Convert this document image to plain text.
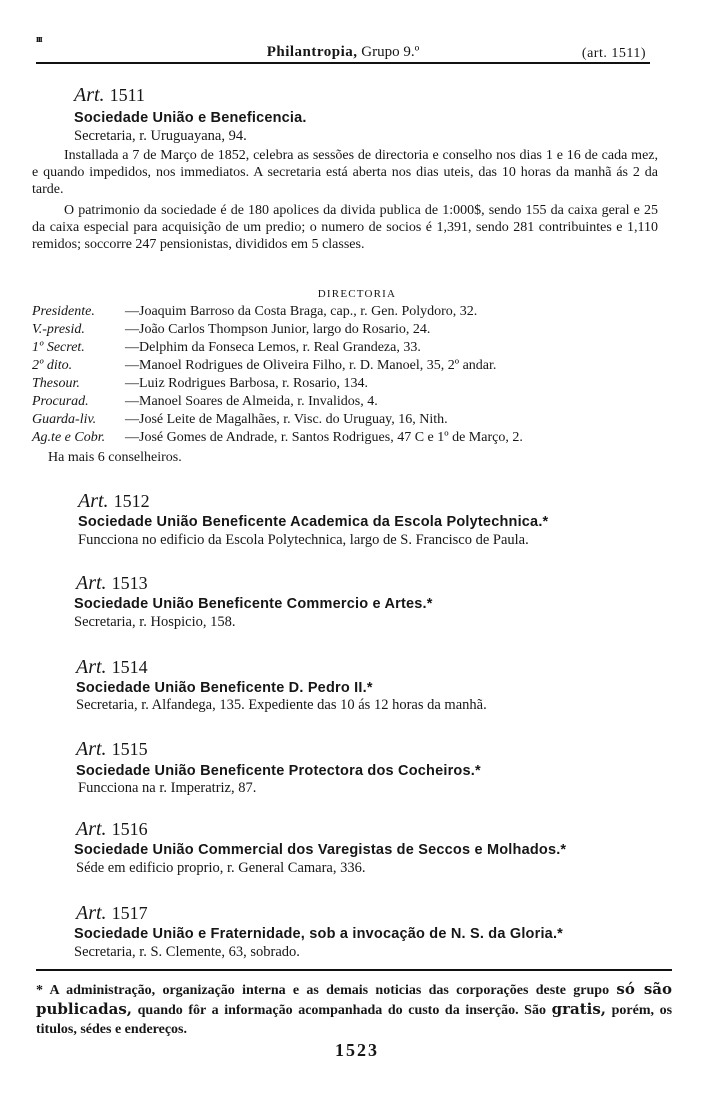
ɪɪɪ
Philantropia, Grupo 9.º	(art. 1511)
Art. 1511
Sociedade União e Beneficencia.
Secretaria, r. Uruguayana, 94.
Installada a 7 de Março de 1852, celebra as sessões de directoria e conselho nos dias 1 e 16 de cada mez, e quando impedidos, nos immediatos. A secretaria está aberta nos dias uteis, das 10 horas da manhã ás 2 da tarde.
O patrimonio da sociedade é de 180 apolices da divida publica de 1:000$, sendo 155 da caixa geral e 25 da caixa especial para acquisição de um predio; o numero de socios é 1,391, sendo 281 contribuintes e 1,110 remidos; soccorre 247 pensionistas, divididos em 5 classes.
DIRECTORIA
Presidente. —Joaquim Barroso da Costa Braga, cap., r. Gen. Polydoro, 32.
V.-presid.	—João Carlos Thompson Junior, largo do Rosario, 24.
1º Secret.	—Delphim da Fonseca Lemos, r. Real Grandeza, 33.
2º dito.	—Manoel Rodrigues de Oliveira Filho, r. D. Manoel, 35, 2º andar.
Thesour.	—Luiz Rodrigues Barbosa, r. Rosario, 134.
Procurad.	—Manoel Soares de Almeida, r. Invalidos, 4.
Guarda-liv. —José Leite de Magalhães, r. Visc. do Uruguay, 16, Nith.
Ag.te e Cobr. —José Gomes de Andrade, r. Santos Rodrigues, 47 C e 1º de Março, 2.
Ha mais 6 conselheiros.
Art. 1512
Sociedade União Beneficente Academica da Escola Polytechnica.*
Funcciona no edificio da Escola Polytechnica, largo de S. Francisco de Paula.
Art. 1513
Sociedade União Beneficente Commercio e Artes.*
Secretaria, r. Hospicio, 158.
Art. 1514
Sociedade União Beneficente D. Pedro II.*
Secretaria, r. Alfandega, 135. Expediente das 10 ás 12 horas da manhã.
Art. 1515
Sociedade União Beneficente Protectora dos Cocheiros.*
Funcciona na r. Imperatriz, 87.
Art. 1516
Sociedade União Commercial dos Varegistas de Seccos e Molhados.*
Séde em edificio proprio, r. General Camara, 336.
Art. 1517
Sociedade União e Fraternidade, sob a invocação de N. S. da Gloria.*
Secretaria, r. S. Clemente, 63, sobrado.
* A administração, organização interna e as demais noticias das corporações deste grupo só são publicadas, quando fôr a informação acompanhada do custo da inserção. São gratis, porém, os titulos, sédes e endereços.
1523
